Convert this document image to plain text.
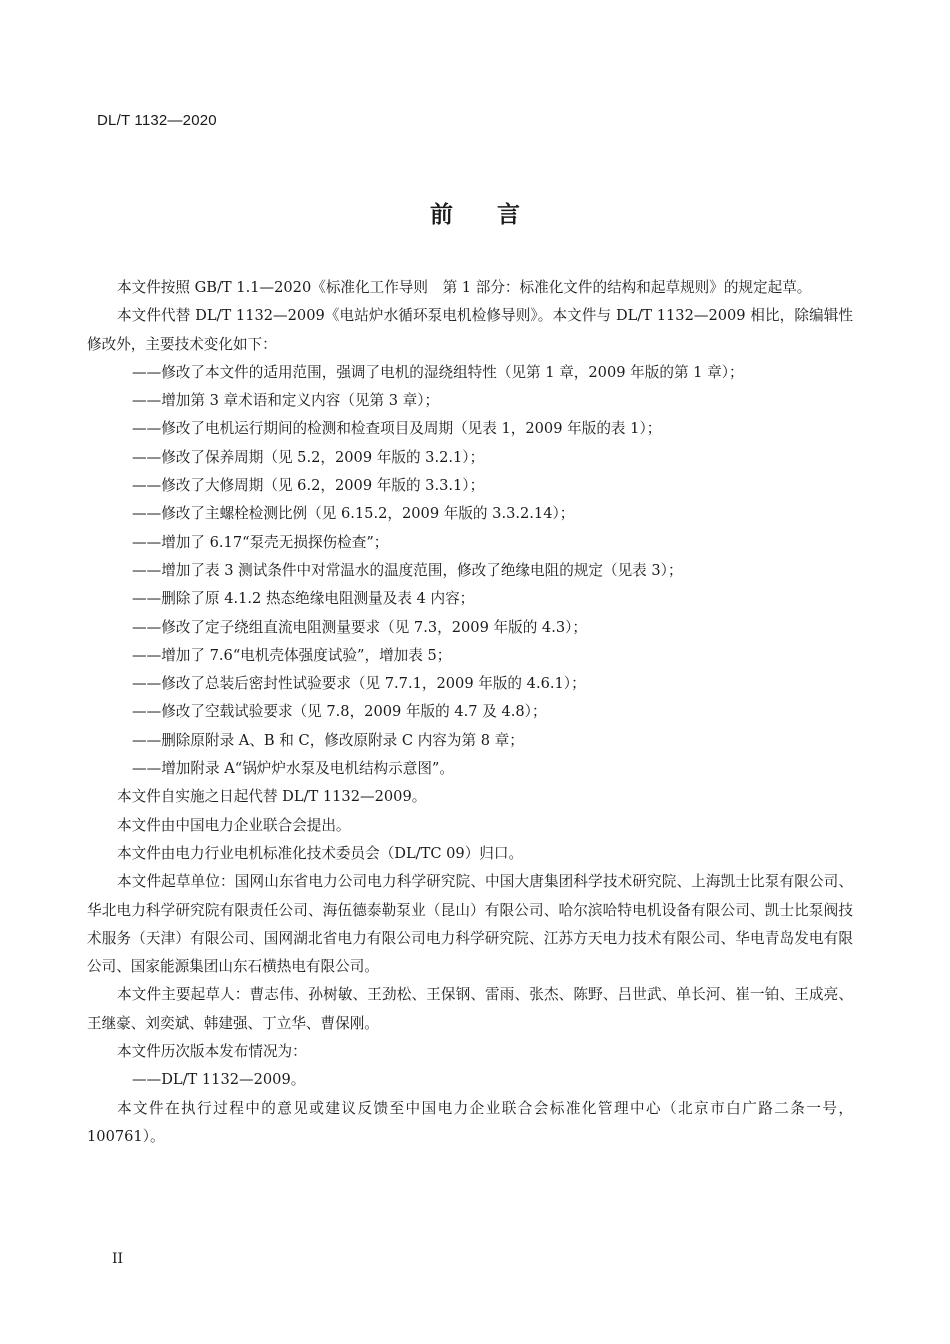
DL/T 1132—2020
前 言

本文件按照 GB/T 1.1—2020《标准化工作导则　第 1 部分：标准化文件的结构和起草规则》的规定起草。

本文件代替 DL/T 1132—2009《电站炉水循环泵电机检修导则》。本文件与 DL/T 1132—2009 相比，除编辑性修改外，主要技术变化如下：

——修改了本文件的适用范围，强调了电机的湿绕组特性（见第 1 章，2009 年版的第 1 章）；

——增加第 3 章术语和定义内容（见第 3 章）；

——修改了电机运行期间的检测和检查项目及周期（见表 1，2009 年版的表 1）；

——修改了保养周期（见 5.2，2009 年版的 3.2.1）；

——修改了大修周期（见 6.2，2009 年版的 3.3.1）；

——修改了主螺栓检测比例（见 6.15.2，2009 年版的 3.3.2.14）；

——增加了 6.17“泵壳无损探伤检查”；

——增加了表 3 测试条件中对常温水的温度范围，修改了绝缘电阻的规定（见表 3）；

——删除了原 4.1.2 热态绝缘电阻测量及表 4 内容；

——修改了定子绕组直流电阻测量要求（见 7.3，2009 年版的 4.3）；

——增加了 7.6“电机壳体强度试验”，增加表 5；

——修改了总装后密封性试验要求（见 7.7.1，2009 年版的 4.6.1）；

——修改了空载试验要求（见 7.8，2009 年版的 4.7 及 4.8）；

——删除原附录 A、B 和 C，修改原附录 C 内容为第 8 章；

——增加附录 A“锅炉炉水泵及电机结构示意图”。

本文件自实施之日起代替 DL/T 1132—2009。

本文件由中国电力企业联合会提出。

本文件由电力行业电机标准化技术委员会（DL/TC 09）归口。

本文件起草单位：国网山东省电力公司电力科学研究院、中国大唐集团科学技术研究院、上海凯士比泵有限公司、华北电力科学研究院有限责任公司、海伍德泰勒泵业（昆山）有限公司、哈尔滨哈特电机设备有限公司、凯士比泵阀技术服务（天津）有限公司、国网湖北省电力有限公司电力科学研究院、江苏方天电力技术有限公司、华电青岛发电有限公司、国家能源集团山东石横热电有限公司。

本文件主要起草人：曹志伟、孙树敏、王劲松、王保钢、雷雨、张杰、陈野、吕世武、单长河、崔一铂、王成亮、王继豪、刘奕斌、韩建强、丁立华、曹保刚。

本文件历次版本发布情况为：

——DL/T 1132—2009。

本文件在执行过程中的意见或建议反馈至中国电力企业联合会标准化管理中心（北京市白广路二条一号，100761）。

II
